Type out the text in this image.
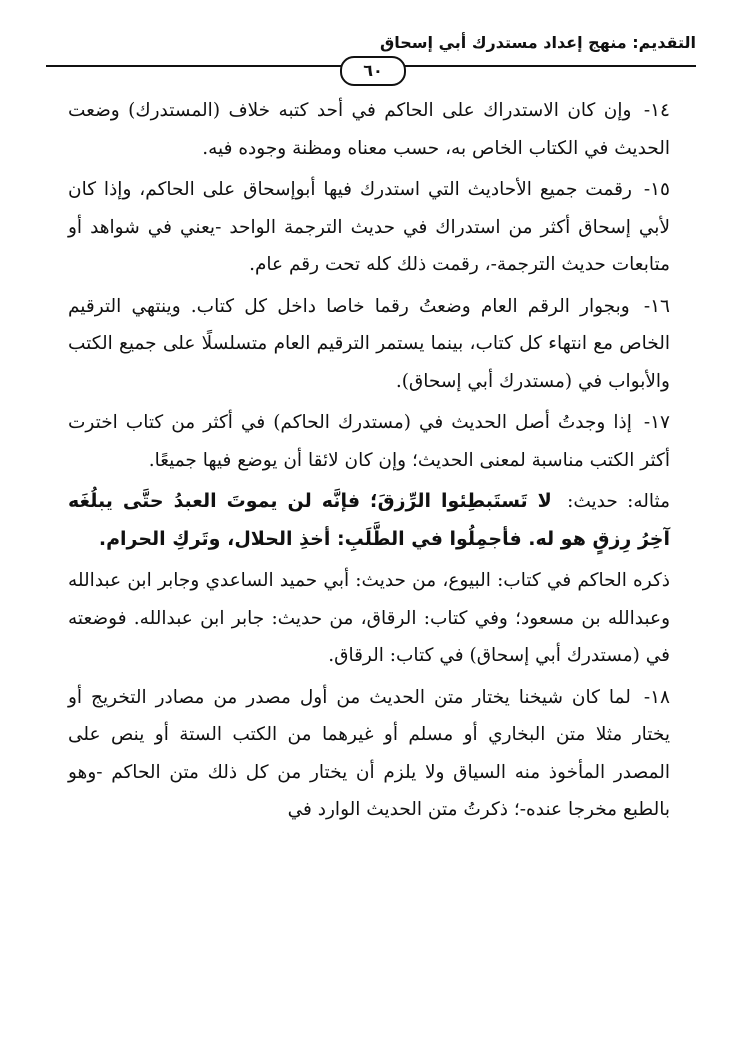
التقديم: منهج إعداد مستدرك أبي إسحاق
٦٠

١٤- وإن كان الاستدراك على الحاكم في أحد كتبه خلاف (المستدرك) وضعت الحديث في الكتاب الخاص به، حسب معناه ومظنة وجوده فيه.

١٥- رقمت جميع الأحاديث التي استدرك فيها أبوإسحاق على الحاكم، وإذا كان لأبي إسحاق أكثر من استدراك في حديث الترجمة الواحد -يعني في شواهد أو متابعات حديث الترجمة-، رقمت ذلك كله تحت رقم عام.

١٦- وبجوار الرقم العام وضعتُ رقما خاصا داخل كل كتاب. وينتهي الترقيم الخاص مع انتهاء كل كتاب، بينما يستمر الترقيم العام متسلسلًا على جميع الكتب والأبواب في (مستدرك أبي إسحاق).

١٧- إذا وجدتُ أصل الحديث في (مستدرك الحاكم) في أكثر من كتاب اخترت أكثر الكتب مناسبة لمعنى الحديث؛ وإن كان لائقا أن يوضع فيها جميعًا.

مثاله: حديث: لا تَستَبطِئوا الرِّزقَ؛ فإنَّه لن يموتَ العبدُ حتَّى يبلُغَه آخِرُ رِزقٍ هو له. فأجمِلُوا في الطَّلَبِ: أخذِ الحلال، وتَركِ الحرام.

ذكره الحاكم في كتاب: البيوع، من حديث: أبي حميد الساعدي وجابر ابن عبدالله وعبدالله بن مسعود؛ وفي كتاب: الرقاق، من حديث: جابر ابن عبدالله. فوضعته في (مستدرك أبي إسحاق) في كتاب: الرقاق.

١٨- لما كان شيخنا يختار متن الحديث من أول مصدر من مصادر التخريج أو يختار مثلا متن البخاري أو مسلم أو غيرهما من الكتب الستة أو ينص على المصدر المأخوذ منه السياق ولا يلزم أن يختار من كل ذلك متن الحاكم -وهو بالطبع مخرجا عنده-؛ ذكرتُ متن الحديث الوارد في
